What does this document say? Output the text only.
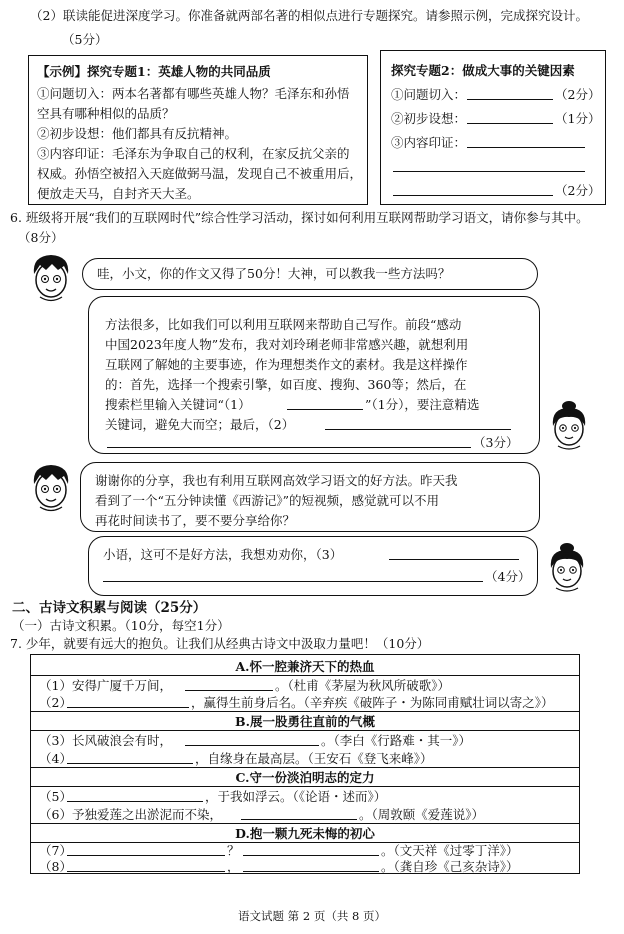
（2）联读能促进深度学习。你准备就两部名著的相似点进行专题探究。请参照示例，完成探究设计。
（5分）
【示例】探究专题1：英雄人物的共同品质
①问题切入：两本名著都有哪些英雄人物？毛泽东和孙悟
空具有哪种相似的品质？
②初步设想：他们都具有反抗精神。
③内容印证：毛泽东为争取自己的权利，在家反抗父亲的
权威。孙悟空被招入天庭做弼马温，发现自己不被重用后，
便放走天马，自封齐天大圣。
探究专题2：做成大事的关键因素
①问题切入：	（2分）
②初步设想：	（1分）
③内容印证：
（2分）
6. 班级将开展“我们的互联网时代”综合性学习活动，探讨如何利用互联网帮助学习语文，请你参与其中。
（8分）
哇，小文，你的作文又得了50分！大神，可以教我一些方法吗？
方法很多，比如我们可以利用互联网来帮助自己写作。前段“感动
中国2023年度人物”发布，我对刘玲琍老师非常感兴趣，就想利用
互联网了解她的主要事迹，作为理想类作文的素材。我是这样操作
的：首先，选择一个搜索引擎，如百度、搜狗、360等；然后，在
搜索栏里输入关键词“（1）	”（1分），要注意精选
关键词，避免大而空；最后，（2）
（3分）
谢谢你的分享，我也有利用互联网高效学习语文的好方法。昨天我
看到了一个“五分钟读懂《西游记》”的短视频，感觉就可以不用
再花时间读书了，要不要分享给你？
小语，这可不是好方法，我想劝劝你，（3）
（4分）
二、古诗文积累与阅读（25分）
（一）古诗文积累。（10分，每空1分）
7. 少年，就要有远大的抱负。让我们从经典古诗文中汲取力量吧！（10分）
A.怀一腔兼济天下的热血
（1）安得广厦千万间，	。（杜甫《茅屋为秋风所破歌》）
（2）	，赢得生前身后名。（辛弃疾《破阵子・为陈同甫赋壮词以寄之》）
B.展一股勇往直前的气概
（3）长风破浪会有时，	。（李白《行路难・其一》）
（4）	，自缘身在最高层。（王安石《登飞来峰》）
C.守一份淡泊明志的定力
（5）	，于我如浮云。（《论语・述而》）
（6）予独爱莲之出淤泥而不染，	。（周敦颐《爱莲说》）
D.抱一颗九死未悔的初心
（7）	？	。（文天祥《过零丁洋》）
（8）	，	。（龚自珍《己亥杂诗》）
语文试题 第 2 页（共 8 页）
